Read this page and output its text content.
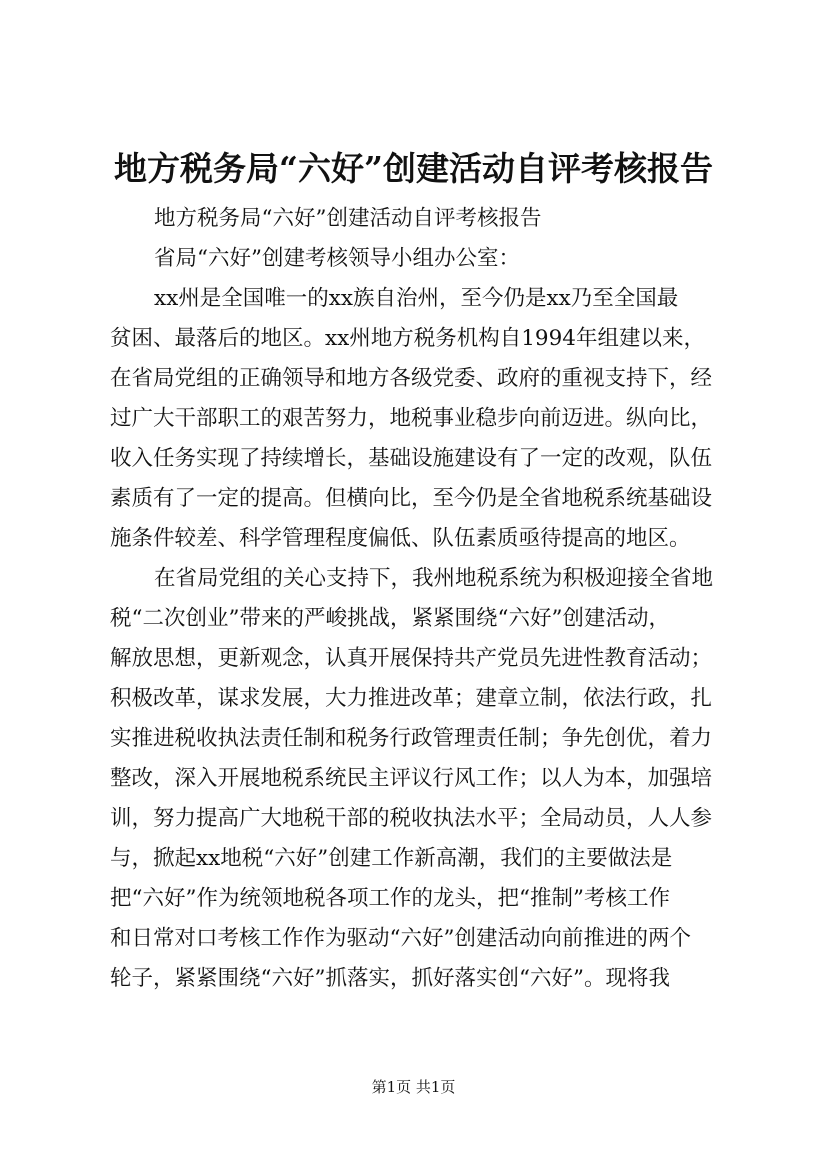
地方税务局“六好”创建活动自评考核报告
地方税务局“六好”创建活动自评考核报告
省局“六好”创建考核领导小组办公室：
xx州是全国唯一的xx族自治州，至今仍是xx乃至全国最
贫困、最落后的地区。xx州地方税务机构自1994年组建以来，
在省局党组的正确领导和地方各级党委、政府的重视支持下，经
过广大干部职工的艰苦努力，地税事业稳步向前迈进。纵向比，
收入任务实现了持续增长，基础设施建设有了一定的改观，队伍
素质有了一定的提高。但横向比，至今仍是全省地税系统基础设
施条件较差、科学管理程度偏低、队伍素质亟待提高的地区。
在省局党组的关心支持下，我州地税系统为积极迎接全省地
税“二次创业”带来的严峻挑战，紧紧围绕“六好”创建活动，
解放思想，更新观念，认真开展保持共产党员先进性教育活动；
积极改革，谋求发展，大力推进改革；建章立制，依法行政，扎
实推进税收执法责任制和税务行政管理责任制；争先创优，着力
整改，深入开展地税系统民主评议行风工作；以人为本，加强培
训，努力提高广大地税干部的税收执法水平；全局动员，人人参
与，掀起xx地税“六好”创建工作新高潮，我们的主要做法是
把“六好”作为统领地税各项工作的龙头，把“推制”考核工作
和日常对口考核工作作为驱动“六好”创建活动向前推进的两个
轮子，紧紧围绕“六好”抓落实，抓好落实创“六好”。现将我
第1页 共1页
